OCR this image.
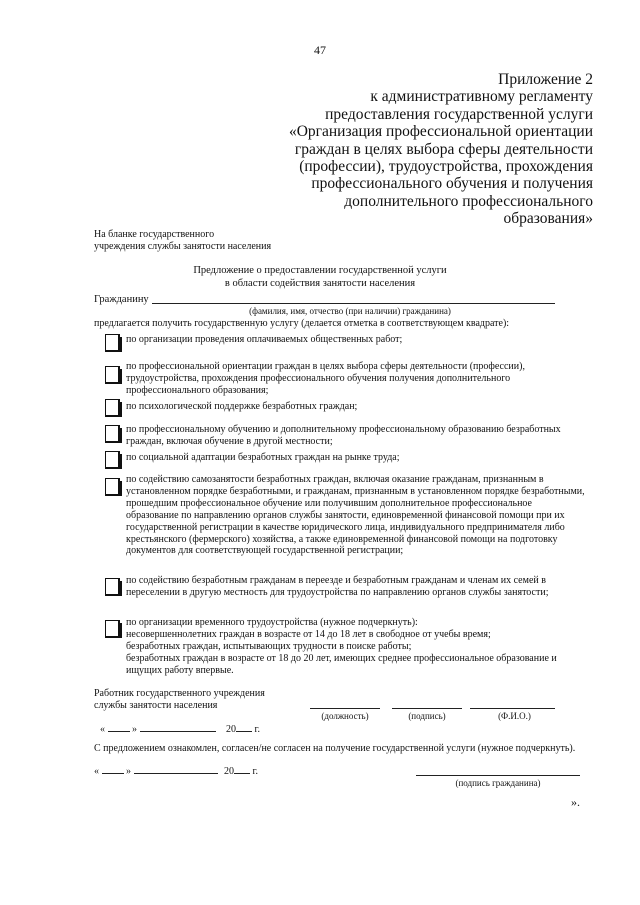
47
Приложение 2
к административному регламенту
предоставления государственной услуги
«Организация профессиональной ориентации
граждан в целях выбора сферы деятельности
(профессии), трудоустройства, прохождения
профессионального обучения и получения
дополнительного профессионального
образования»
На бланке государственного
учреждения службы занятости населения
Предложение о предоставлении государственной услуги
в области содействия занятости населения
Гражданину
(фамилия, имя, отчество (при наличии) гражданина)
предлагается получить государственную услугу (делается отметка в соответствующем квадрате):
по организации проведения оплачиваемых общественных работ;
по профессиональной ориентации граждан в целях выбора сферы деятельности (профессии), трудоустройства, прохождения профессионального обучения получения дополнительного профессионального образования;
по психологической поддержке безработных граждан;
по профессиональному обучению и дополнительному профессиональному образованию безработных граждан, включая обучение в другой местности;
по социальной адаптации безработных граждан на рынке труда;
по содействию самозанятости безработных граждан, включая оказание гражданам, признанным в установленном порядке безработными, и гражданам, признанным в установленном порядке безработными, прошедшим профессиональное обучение или получившим дополнительное профессиональное образование по направлению органов службы занятости, единовременной финансовой помощи при их государственной регистрации в качестве юридического лица, индивидуального предпринимателя либо крестьянского (фермерского) хозяйства, а также единовременной финансовой помощи на подготовку документов для соответствующей государственной регистрации;
по содействию безработным гражданам в переезде и безработным гражданам и членам их семей в переселении в другую местность для трудоустройства по направлению органов службы занятости;
по организации временного трудоустройства (нужное подчеркнуть):
несовершеннолетних граждан в возрасте от 14 до 18 лет в свободное от учебы время;
безработных граждан, испытывающих трудности в поиске работы;
безработных граждан в возрасте от 18 до 20 лет, имеющих среднее профессиональное образование и ищущих работу впервые.
Работник государственного учреждения
службы занятости населения
(должность)	(подпись)	(Ф.И.О.)
«	»	20 г.
С предложением ознакомлен, согласен/не согласен на получение государственной услуги (нужное подчеркнуть).
«	»	20 г.
(подпись гражданина)
».
